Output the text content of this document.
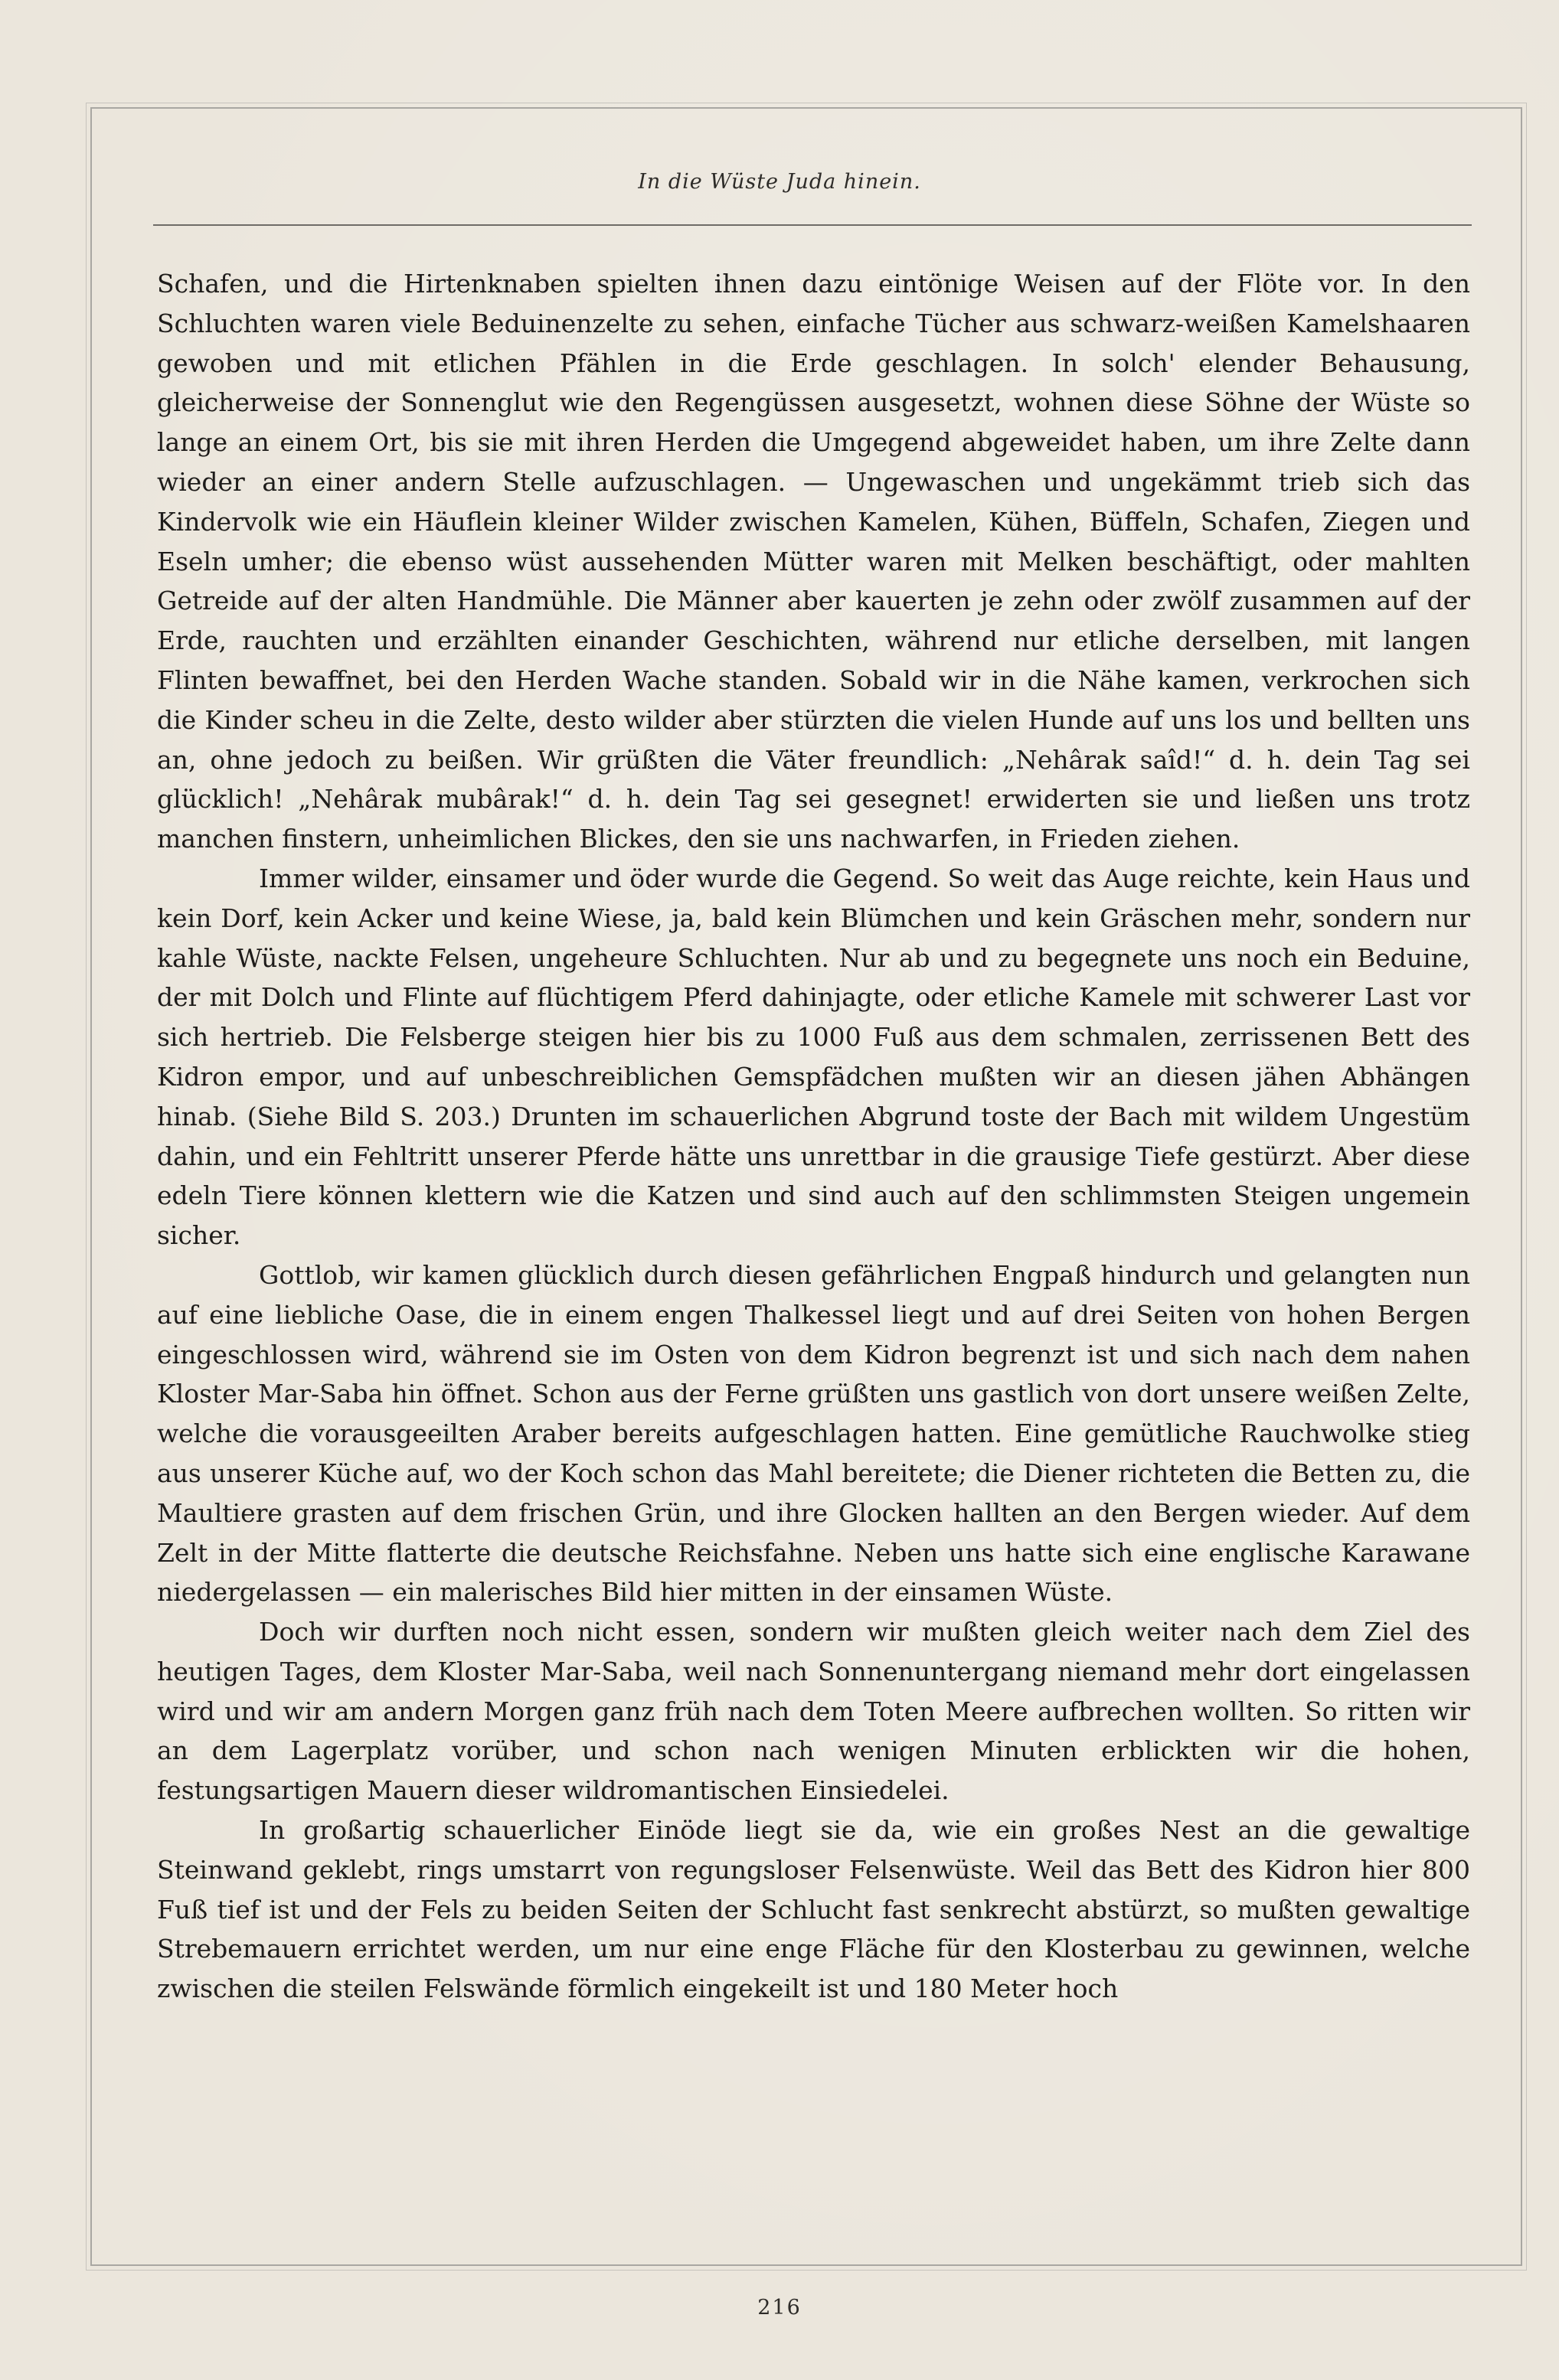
In die Wüste Juda hinein.

Schafen, und die Hirtenknaben spielten ihnen dazu eintönige Weisen auf der Flöte vor. In den Schluchten waren viele Beduinenzelte zu sehen, einfache Tücher aus schwarz-weißen Kamelshaaren gewoben und mit etlichen Pfählen in die Erde geschlagen. In solch' elender Behausung, gleicherweise der Sonnenglut wie den Regengüssen ausgesetzt, wohnen diese Söhne der Wüste so lange an einem Ort, bis sie mit ihren Herden die Umgegend abgeweidet haben, um ihre Zelte dann wieder an einer andern Stelle aufzuschlagen. — Ungewaschen und ungekämmt trieb sich das Kindervolk wie ein Häuflein kleiner Wilder zwischen Kamelen, Kühen, Büffeln, Schafen, Ziegen und Eseln umher; die ebenso wüst aussehenden Mütter waren mit Melken beschäftigt, oder mahlten Getreide auf der alten Handmühle. Die Männer aber kauerten je zehn oder zwölf zusammen auf der Erde, rauchten und erzählten einander Geschichten, während nur etliche derselben, mit langen Flinten bewaffnet, bei den Herden Wache standen. Sobald wir in die Nähe kamen, verkrochen sich die Kinder scheu in die Zelte, desto wilder aber stürzten die vielen Hunde auf uns los und bellten uns an, ohne jedoch zu beißen. Wir grüßten die Väter freundlich: „Nehârak saîd!“ d. h. dein Tag sei glücklich! „Nehârak mubârak!“ d. h. dein Tag sei gesegnet! erwiderten sie und ließen uns trotz manchen finstern, unheimlichen Blickes, den sie uns nachwarfen, in Frieden ziehen.

Immer wilder, einsamer und öder wurde die Gegend. So weit das Auge reichte, kein Haus und kein Dorf, kein Acker und keine Wiese, ja, bald kein Blümchen und kein Gräschen mehr, sondern nur kahle Wüste, nackte Felsen, ungeheure Schluchten. Nur ab und zu begegnete uns noch ein Beduine, der mit Dolch und Flinte auf flüchtigem Pferd dahinjagte, oder etliche Kamele mit schwerer Last vor sich hertrieb. Die Felsberge steigen hier bis zu 1000 Fuß aus dem schmalen, zerrissenen Bett des Kidron empor, und auf unbeschreiblichen Gemspfädchen mußten wir an diesen jähen Abhängen hinab. (Siehe Bild S. 203.) Drunten im schauerlichen Abgrund toste der Bach mit wildem Ungestüm dahin, und ein Fehltritt unserer Pferde hätte uns unrettbar in die grausige Tiefe gestürzt. Aber diese edeln Tiere können klettern wie die Katzen und sind auch auf den schlimmsten Steigen ungemein sicher.

Gottlob, wir kamen glücklich durch diesen gefährlichen Engpaß hindurch und gelangten nun auf eine liebliche Oase, die in einem engen Thalkessel liegt und auf drei Seiten von hohen Bergen eingeschlossen wird, während sie im Osten von dem Kidron begrenzt ist und sich nach dem nahen Kloster Mar-Saba hin öffnet. Schon aus der Ferne grüßten uns gastlich von dort unsere weißen Zelte, welche die vorausgeeilten Araber bereits aufgeschlagen hatten. Eine gemütliche Rauchwolke stieg aus unserer Küche auf, wo der Koch schon das Mahl bereitete; die Diener richteten die Betten zu, die Maultiere grasten auf dem frischen Grün, und ihre Glocken hallten an den Bergen wieder. Auf dem Zelt in der Mitte flatterte die deutsche Reichsfahne. Neben uns hatte sich eine englische Karawane niedergelassen — ein malerisches Bild hier mitten in der einsamen Wüste.

Doch wir durften noch nicht essen, sondern wir mußten gleich weiter nach dem Ziel des heutigen Tages, dem Kloster Mar-Saba, weil nach Sonnenuntergang niemand mehr dort eingelassen wird und wir am andern Morgen ganz früh nach dem Toten Meere aufbrechen wollten. So ritten wir an dem Lagerplatz vorüber, und schon nach wenigen Minuten erblickten wir die hohen, festungsartigen Mauern dieser wildromantischen Einsiedelei.

In großartig schauerlicher Einöde liegt sie da, wie ein großes Nest an die gewaltige Steinwand geklebt, rings umstarrt von regungsloser Felsenwüste. Weil das Bett des Kidron hier 800 Fuß tief ist und der Fels zu beiden Seiten der Schlucht fast senkrecht abstürzt, so mußten gewaltige Strebemauern errichtet werden, um nur eine enge Fläche für den Klosterbau zu gewinnen, welche zwischen die steilen Felswände förmlich eingekeilt ist und 180 Meter hoch

216
